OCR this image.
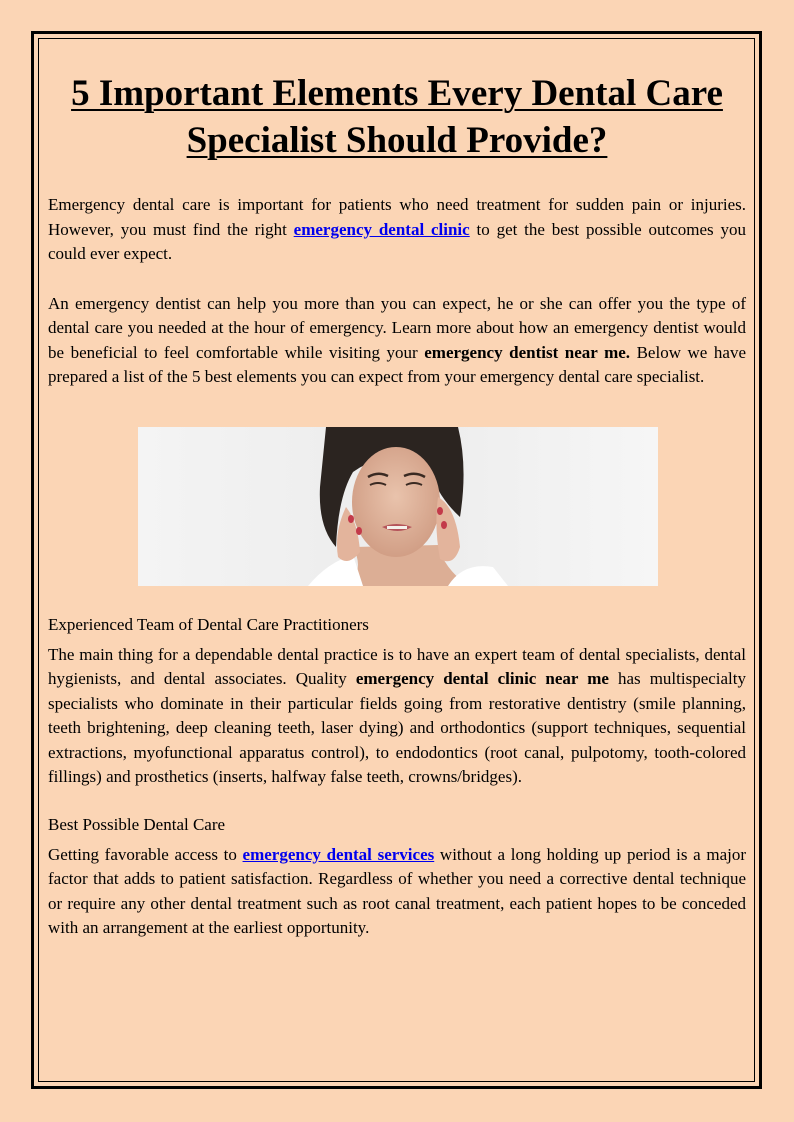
5 Important Elements Every Dental Care
Specialist Should Provide?

Emergency dental care is important for patients who need treatment for sudden pain or injuries. However, you must find the right emergency dental clinic to get the best possible outcomes you could ever expect.

An emergency dentist can help you more than you can expect, he or she can offer you the type of dental care you needed at the hour of emergency. Learn more about how an emergency dentist would be beneficial to feel comfortable while visiting your emergency dentist near me. Below we have prepared a list of the 5 best elements you can expect from your emergency dental care specialist.

Experienced Team of Dental Care Practitioners

The main thing for a dependable dental practice is to have an expert team of dental specialists, dental hygienists, and dental associates. Quality emergency dental clinic near me has multispecialty specialists who dominate in their particular fields going from restorative dentistry (smile planning, teeth brightening, deep cleaning teeth, laser dying) and orthodontics (support techniques, sequential extractions, myofunctional apparatus control), to endodontics (root canal, pulpotomy, tooth-colored fillings) and prosthetics (inserts, halfway false teeth, crowns/bridges).

Best Possible Dental Care

Getting favorable access to emergency dental services without a long holding up period is a major factor that adds to patient satisfaction. Regardless of whether you need a corrective dental technique or require any other dental treatment such as root canal treatment, each patient hopes to be conceded with an arrangement at the earliest opportunity.
